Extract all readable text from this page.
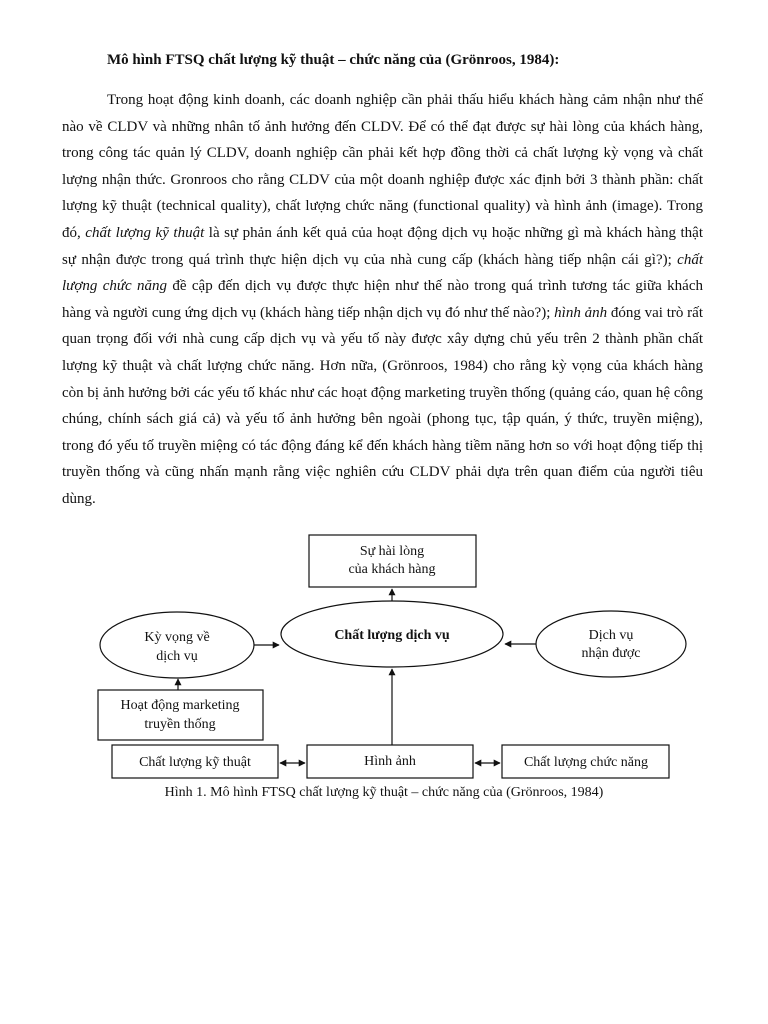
Mô hình FTSQ chất lượng kỹ thuật – chức năng của (Grönroos, 1984):

Trong hoạt động kinh doanh, các doanh nghiệp cần phải thấu hiểu khách hàng cảm nhận như thế nào về CLDV và những nhân tố ảnh hưởng đến CLDV. Để có thể đạt được sự hài lòng của khách hàng, trong công tác quản lý CLDV, doanh nghiệp cần phải kết hợp đồng thời cả chất lượng kỳ vọng và chất lượng nhận thức. Gronroos cho rằng CLDV của một doanh nghiệp được xác định bởi 3 thành phần: chất lượng kỹ thuật (technical quality), chất lượng chức năng (functional quality) và hình ảnh (image). Trong đó, chất lượng kỹ thuật là sự phản ánh kết quả của hoạt động dịch vụ hoặc những gì mà khách hàng thật sự nhận được trong quá trình thực hiện dịch vụ của nhà cung cấp (khách hàng tiếp nhận cái gì?); chất lượng chức năng đề cập đến dịch vụ được thực hiện như thế nào trong quá trình tương tác giữa khách hàng và người cung ứng dịch vụ (khách hàng tiếp nhận dịch vụ đó như thế nào?); hình ảnh đóng vai trò rất quan trọng đối với nhà cung cấp dịch vụ và yếu tố này được xây dựng chủ yếu trên 2 thành phần chất lượng kỹ thuật và chất lượng chức năng. Hơn nữa, (Grönroos, 1984) cho rằng kỳ vọng của khách hàng còn bị ảnh hưởng bởi các yếu tố khác như các hoạt động marketing truyền thống (quảng cáo, quan hệ công chúng, chính sách giá cả) và yếu tố ảnh hưởng bên ngoài (phong tục, tập quán, ý thức, truyền miệng), trong đó yếu tố truyền miệng có tác động đáng kể đến khách hàng tiềm năng hơn so với hoạt động tiếp thị truyền thống và cũng nhấn mạnh rằng việc nghiên cứu CLDV phải dựa trên quan điểm của người tiêu dùng.

Sự hài lòng
của khách hàng
Kỳ vọng về
dịch vụ
Chất lượng dịch vụ	Dịch vụ
nhận được
Hoạt động marketing
truyền thống
Chất lượng kỹ thuật	Hình ảnh	Chất lượng chức năng
Hình 1. Mô hình FTSQ chất lượng kỹ thuật – chức năng của (Grönroos, 1984)
